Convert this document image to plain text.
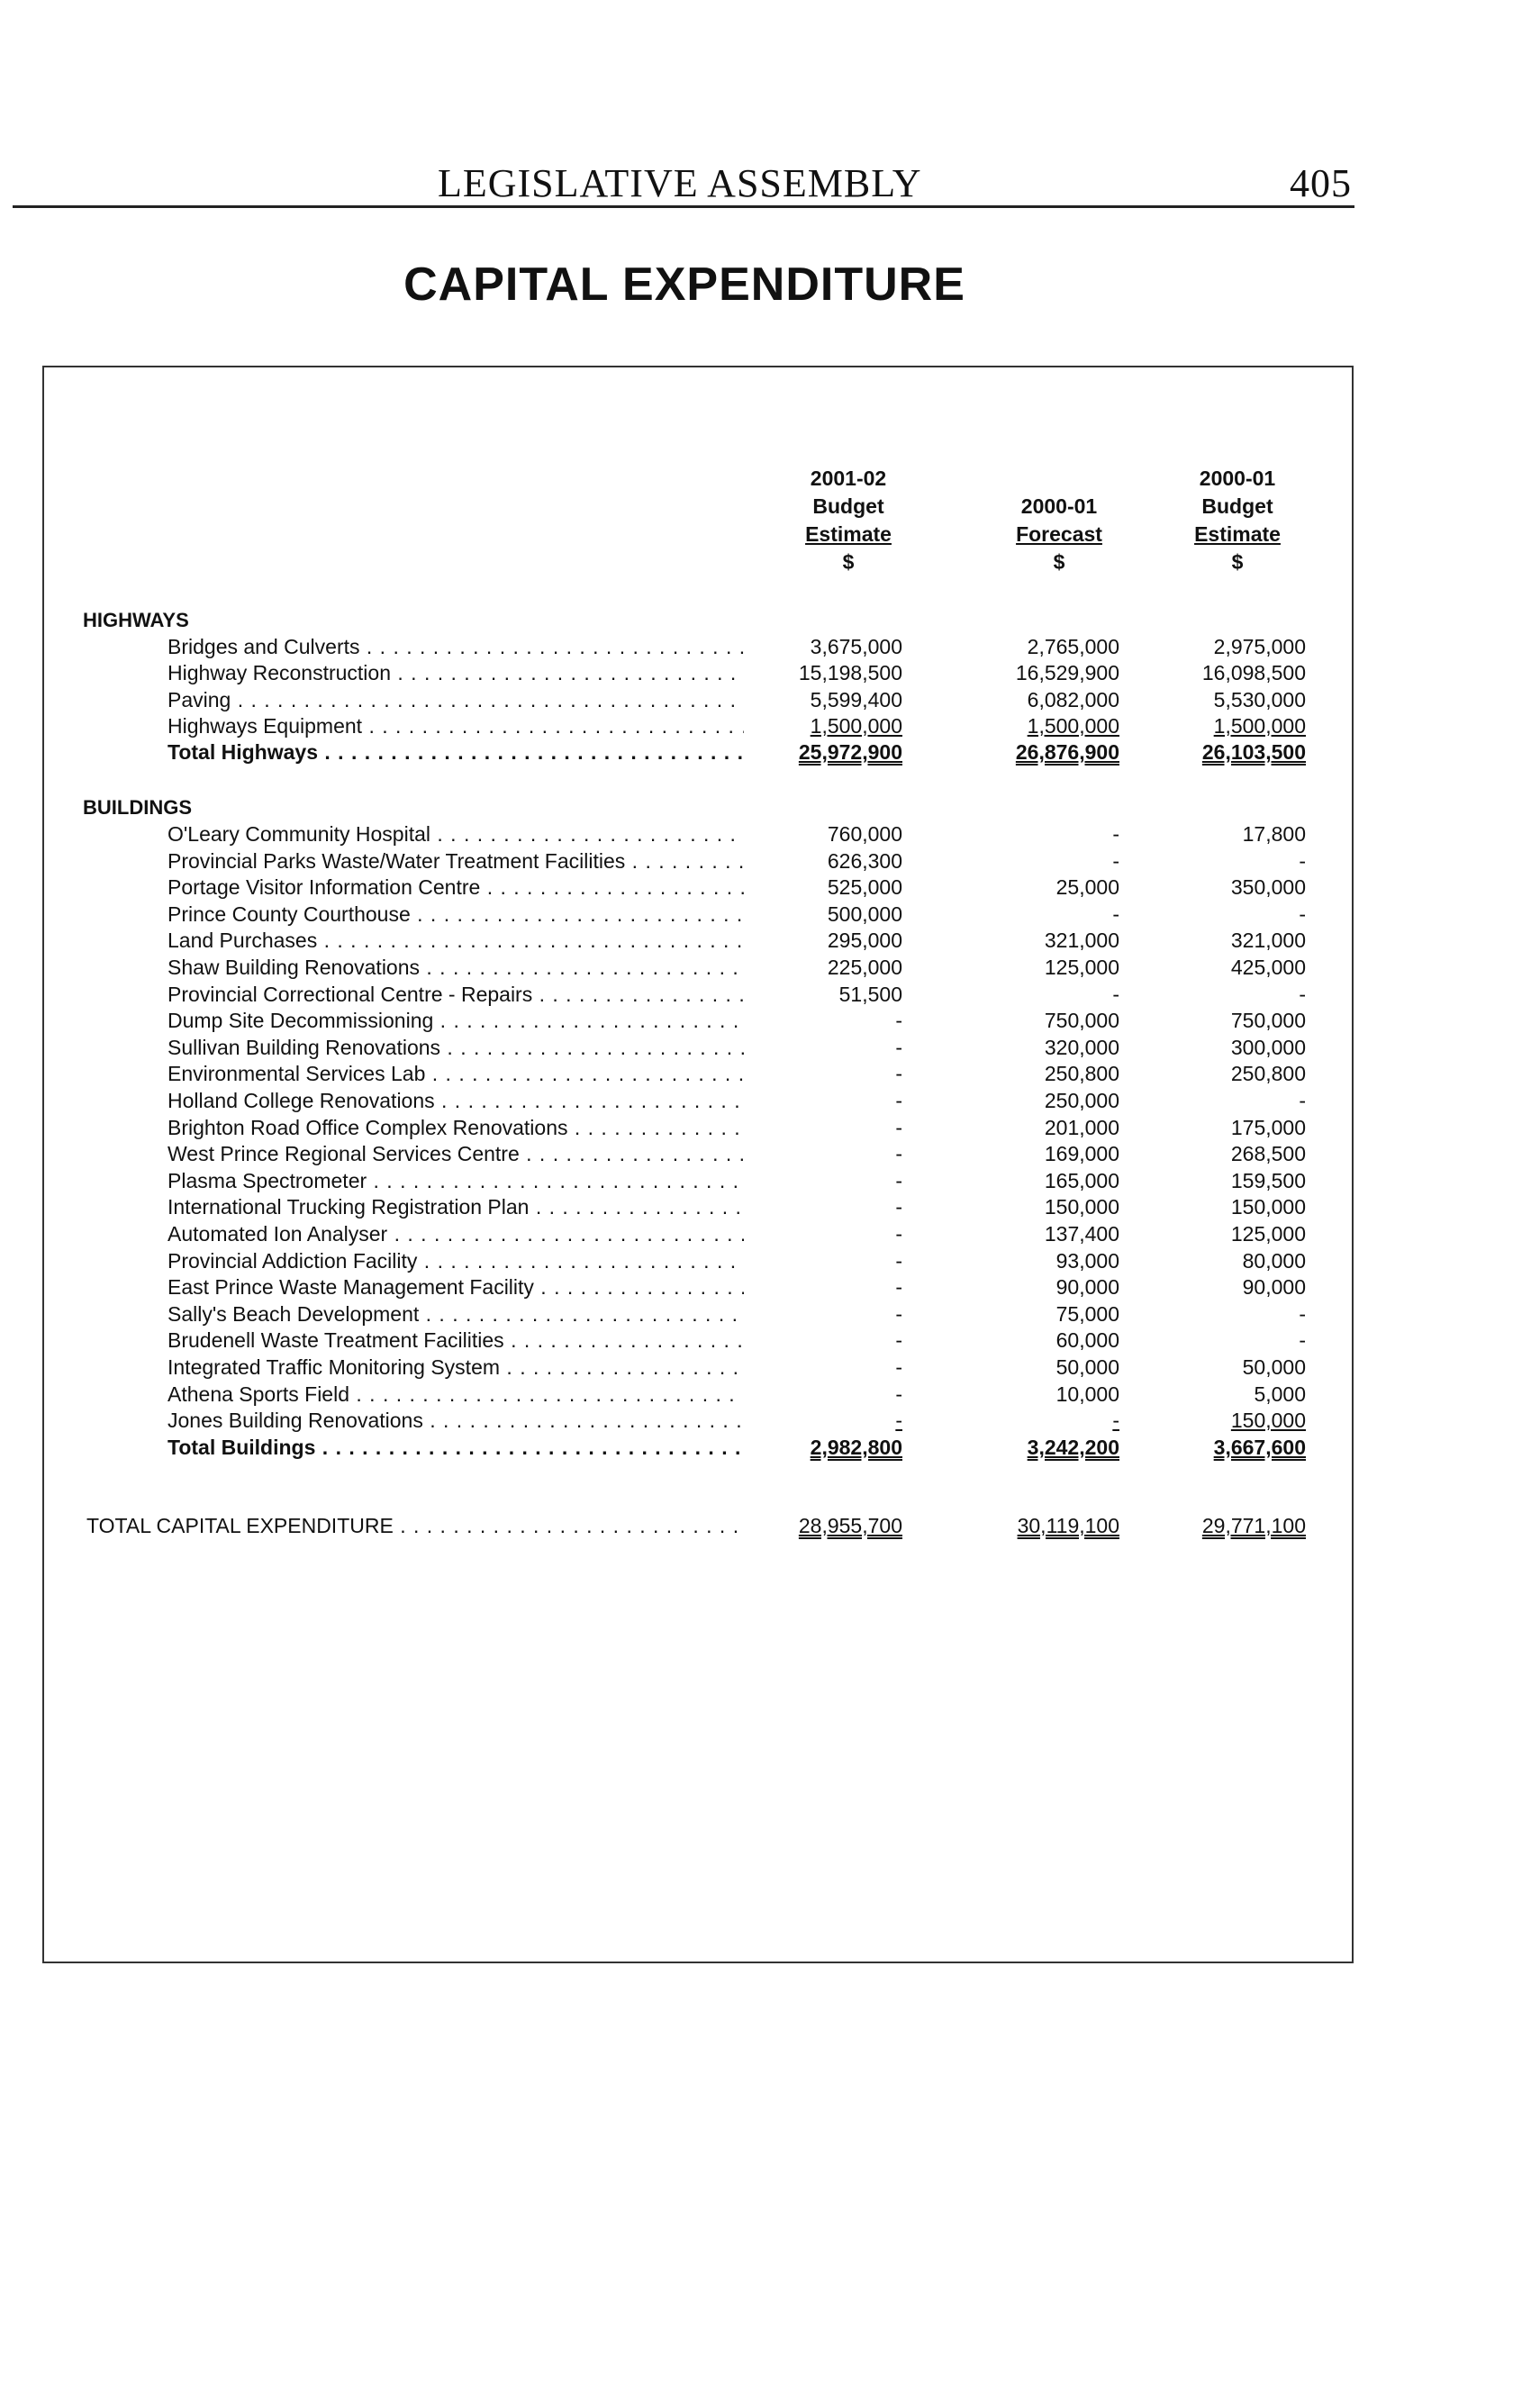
LEGISLATIVE ASSEMBLY	405
CAPITAL EXPENDITURE
2001-02
Budget
Estimate
$
2000-01
Forecast
$
2000-01
Budget
Estimate
$
HIGHWAYS
Bridges and Culverts . . .	3,675,000	2,765,000	2,975,000
Highway Reconstruction . . .	15,198,500	16,529,900	16,098,500
Paving . . .	5,599,400	6,082,000	5,530,000
Highways Equipment . . .	1,500,000	1,500,000	1,500,000
Total Highways . . .	25,972,900	26,876,900	26,103,500
BUILDINGS
O'Leary Community Hospital . . .	760,000	-	17,800
Provincial Parks Waste/Water Treatment Facilities . . .	626,300	-	-
Portage Visitor Information Centre . . .	525,000	25,000	350,000
Prince County Courthouse . . .	500,000	-	-
Land Purchases . . .	295,000	321,000	321,000
Shaw Building Renovations . . .	225,000	125,000	425,000
Provincial Correctional Centre - Repairs . . .	51,500	-	-
Dump Site Decommissioning . . .	-	750,000	750,000
Sullivan Building Renovations . . .	-	320,000	300,000
Environmental Services Lab . . .	-	250,800	250,800
Holland College Renovations . . .	-	250,000	-
Brighton Road Office Complex Renovations . . .	-	201,000	175,000
West Prince Regional Services Centre . . .	-	169,000	268,500
Plasma Spectrometer . . .	-	165,000	159,500
International Trucking Registration Plan . . .	-	150,000	150,000
Automated Ion Analyser . . .	-	137,400	125,000
Provincial Addiction Facility . . .	-	93,000	80,000
East Prince Waste Management Facility . . .	-	90,000	90,000
Sally's Beach Development . . .	-	75,000	-
Brudenell Waste Treatment Facilities . . .	-	60,000	-
Integrated Traffic Monitoring System . . .	-	50,000	50,000
Athena Sports Field . . .	-	10,000	5,000
Jones Building Renovations . . .	-	-	150,000
Total Buildings . . .	2,982,800	3,242,200	3,667,600
TOTAL CAPITAL EXPENDITURE . . .	28,955,700	30,119,100	29,771,100
